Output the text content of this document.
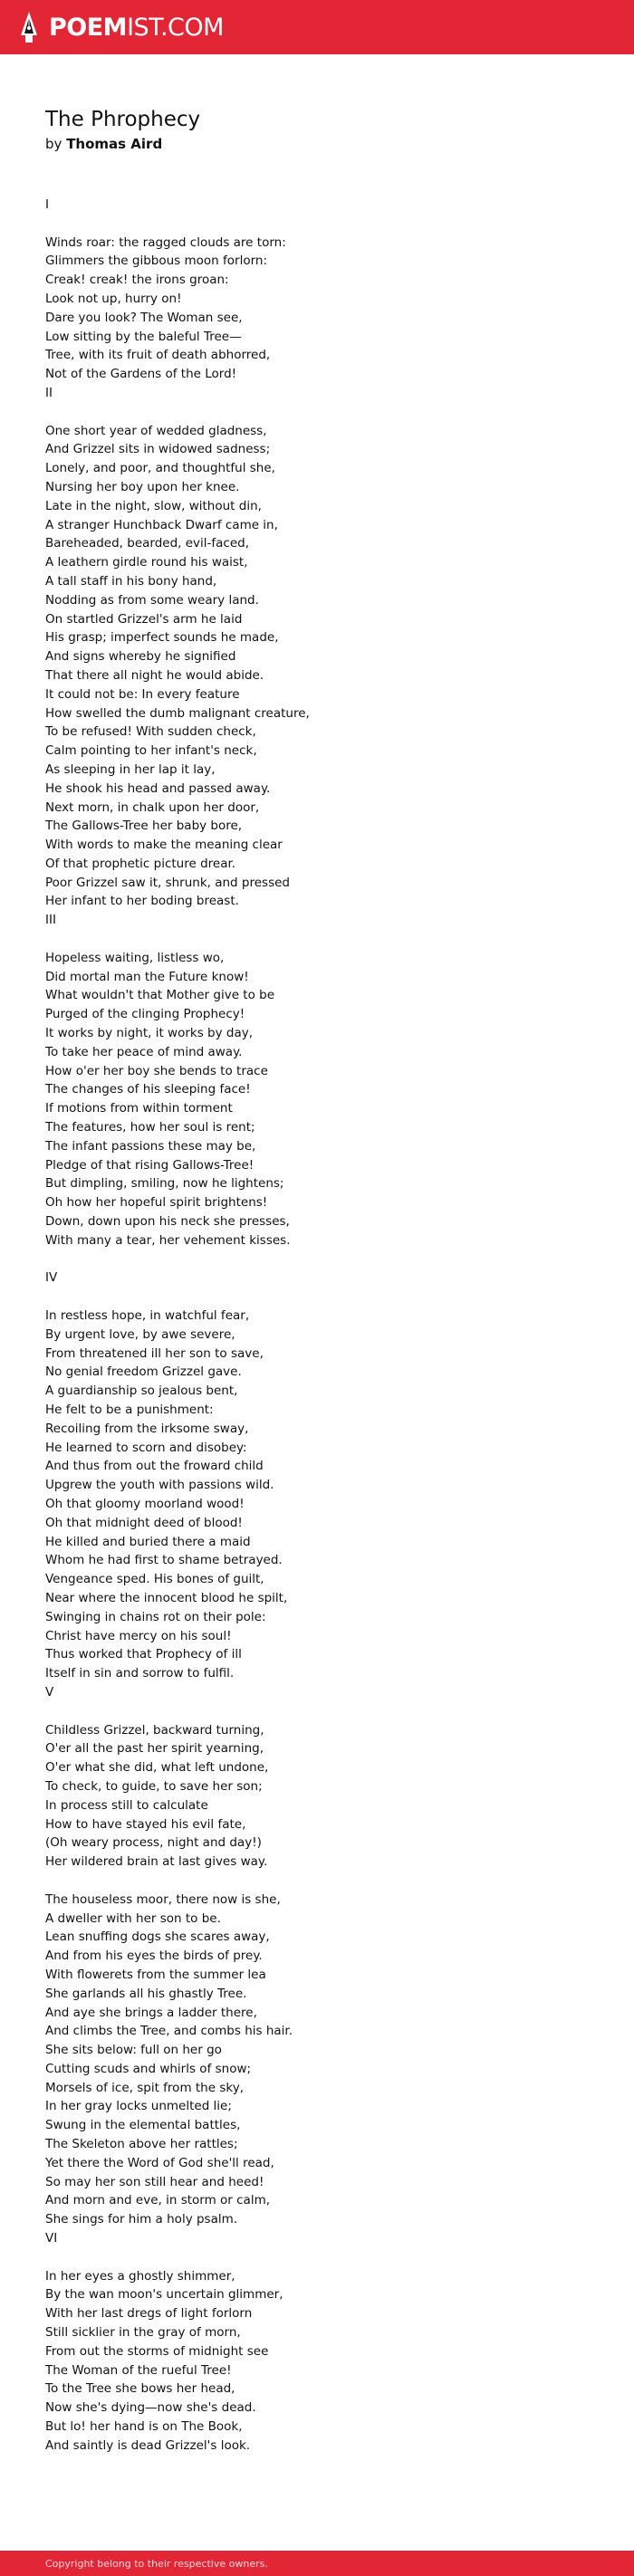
POEMIST.COM
The Phrophecy
by Thomas Aird
I
Winds roar: the ragged clouds are torn:
Glimmers the gibbous moon forlorn:
Creak! creak! the irons groan:
Look not up, hurry on!
Dare you look? The Woman see,
Low sitting by the baleful Tree—
Tree, with its fruit of death abhorred,
Not of the Gardens of the Lord!
II
One short year of wedded gladness,
And Grizzel sits in widowed sadness;
Lonely, and poor, and thoughtful she,
Nursing her boy upon her knee.
Late in the night, slow, without din,
A stranger Hunchback Dwarf came in,
Bareheaded, bearded, evil-faced,
A leathern girdle round his waist,
A tall staff in his bony hand,
Nodding as from some weary land.
On startled Grizzel's arm he laid
His grasp; imperfect sounds he made,
And signs whereby he signified
That there all night he would abide.
It could not be: In every feature
How swelled the dumb malignant creature,
To be refused! With sudden check,
Calm pointing to her infant's neck,
As sleeping in her lap it lay,
He shook his head and passed away.
Next morn, in chalk upon her door,
The Gallows-Tree her baby bore,
With words to make the meaning clear
Of that prophetic picture drear.
Poor Grizzel saw it, shrunk, and pressed
Her infant to her boding breast.
III
Hopeless waiting, listless wo,
Did mortal man the Future know!
What wouldn't that Mother give to be
Purged of the clinging Prophecy!
It works by night, it works by day,
To take her peace of mind away.
How o'er her boy she bends to trace
The changes of his sleeping face!
If motions from within torment
The features, how her soul is rent;
The infant passions these may be,
Pledge of that rising Gallows-Tree!
But dimpling, smiling, now he lightens;
Oh how her hopeful spirit brightens!
Down, down upon his neck she presses,
With many a tear, her vehement kisses.
IV
In restless hope, in watchful fear,
By urgent love, by awe severe,
From threatened ill her son to save,
No genial freedom Grizzel gave.
A guardianship so jealous bent,
He felt to be a punishment:
Recoiling from the irksome sway,
He learned to scorn and disobey:
And thus from out the froward child
Upgrew the youth with passions wild.
Oh that gloomy moorland wood!
Oh that midnight deed of blood!
He killed and buried there a maid
Whom he had first to shame betrayed.
Vengeance sped. His bones of guilt,
Near where the innocent blood he spilt,
Swinging in chains rot on their pole:
Christ have mercy on his soul!
Thus worked that Prophecy of ill
Itself in sin and sorrow to fulfil.
V
Childless Grizzel, backward turning,
O'er all the past her spirit yearning,
O'er what she did, what left undone,
To check, to guide, to save her son;
In process still to calculate
How to have stayed his evil fate,
(Oh weary process, night and day!)
Her wildered brain at last gives way.
The houseless moor, there now is she,
A dweller with her son to be.
Lean snuffing dogs she scares away,
And from his eyes the birds of prey.
With flowerets from the summer lea
She garlands all his ghastly Tree.
And aye she brings a ladder there,
And climbs the Tree, and combs his hair.
She sits below: full on her go
Cutting scuds and whirls of snow;
Morsels of ice, spit from the sky,
In her gray locks unmelted lie;
Swung in the elemental battles,
The Skeleton above her rattles;
Yet there the Word of God she'll read,
So may her son still hear and heed!
And morn and eve, in storm or calm,
She sings for him a holy psalm.
VI
In her eyes a ghostly shimmer,
By the wan moon's uncertain glimmer,
With her last dregs of light forlorn
Still sicklier in the gray of morn,
From out the storms of midnight see
The Woman of the rueful Tree!
To the Tree she bows her head,
Now she's dying—now she's dead.
But lo! her hand is on The Book,
And saintly is dead Grizzel's look.
Copyright belong to their respective owners.
